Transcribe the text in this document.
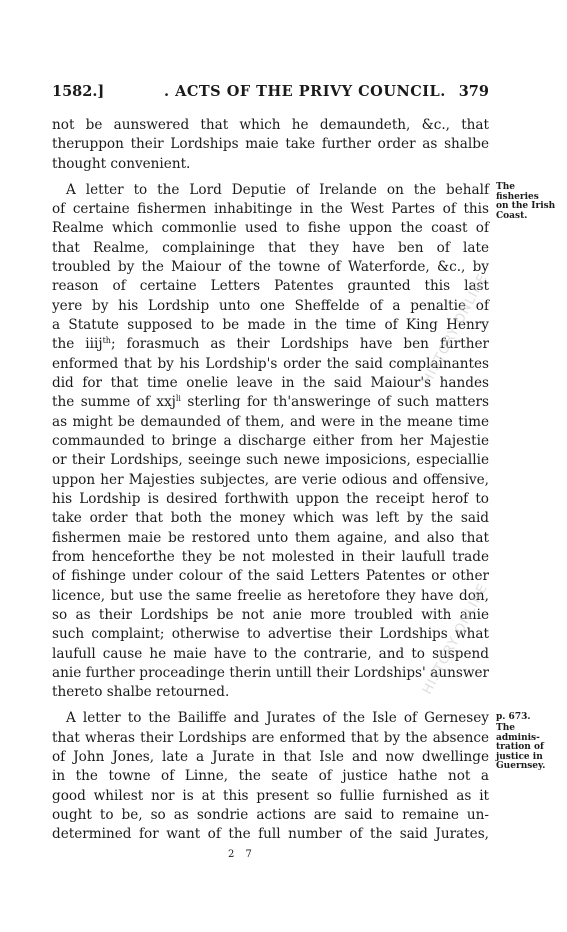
1582.]	. ACTS OF THE PRIVY COUNCIL. 379
not be aunswered that which he demaundeth, &c., that
theruppon their Lordships maie take further order as shalbe
thought convenient.
A letter to the Lord Deputie of Irelande on the behalf
of certaine fishermen inhabitinge in the West Partes of this
Realme which commonlie used to fishe uppon the coast of
that Realme, complaininge that they have ben of late
troubled by the Maiour of the towne of Waterforde, &c., by
reason of certaine Letters Patentes graunted this last
yere by his Lordship unto one Sheffelde of a penaltie of
a Statute supposed to be made in the time of King Henry
the iiij$^{th}$; forasmuch as their Lordships have ben further
enformed that by his Lordship's order the said complainantes
did for that time onelie leave in the said Maiour's handes
the summe of xxj$^{li}$ sterling for th'answeringe of such matters
as might be demaunded of them, and were in the meane time
commaunded to bringe a discharge either from her Majestie
or their Lordships, seeinge such newe imposicions, especiallie
uppon her Majesties subjectes, are verie odious and offensive,
his Lordship is desired forthwith uppon the receipt herof to
take order that both the money which was left by the said
fishermen maie be restored unto them againe, and also that
from henceforthe they be not molested in their laufull trade
of fishinge under colour of the said Letters Patentes or other
licence, but use the same freelie as heretofore they have don,
so as their Lordships be not anie more troubled with anie
such complaint; otherwise to advertise their Lordships what
laufull cause he maie have to the contrarie, and to suspend
anie further proceadinge therin untill their Lordships' aunswer
thereto shalbe retourned.
A letter to the Bailiffe and Jurates of the Isle of Gernesey
that wheras their Lordships are enformed that by the absence
of John Jones, late a Jurate in that Isle and now dwellinge
in the towne of Linne, the seate of justice hathe not a
good whilest nor is at this present so fullie furnished as it
ought to be, so as sondrie actions are said to remaine un-
determined for want of the full number of the said Jurates,
The fisheries
on the Irish
Coast.
p. 673.
The adminis-
tration of
justice in
Guernsey.
2 7
HISTORY ONLINE
HISTORY ONLINE
